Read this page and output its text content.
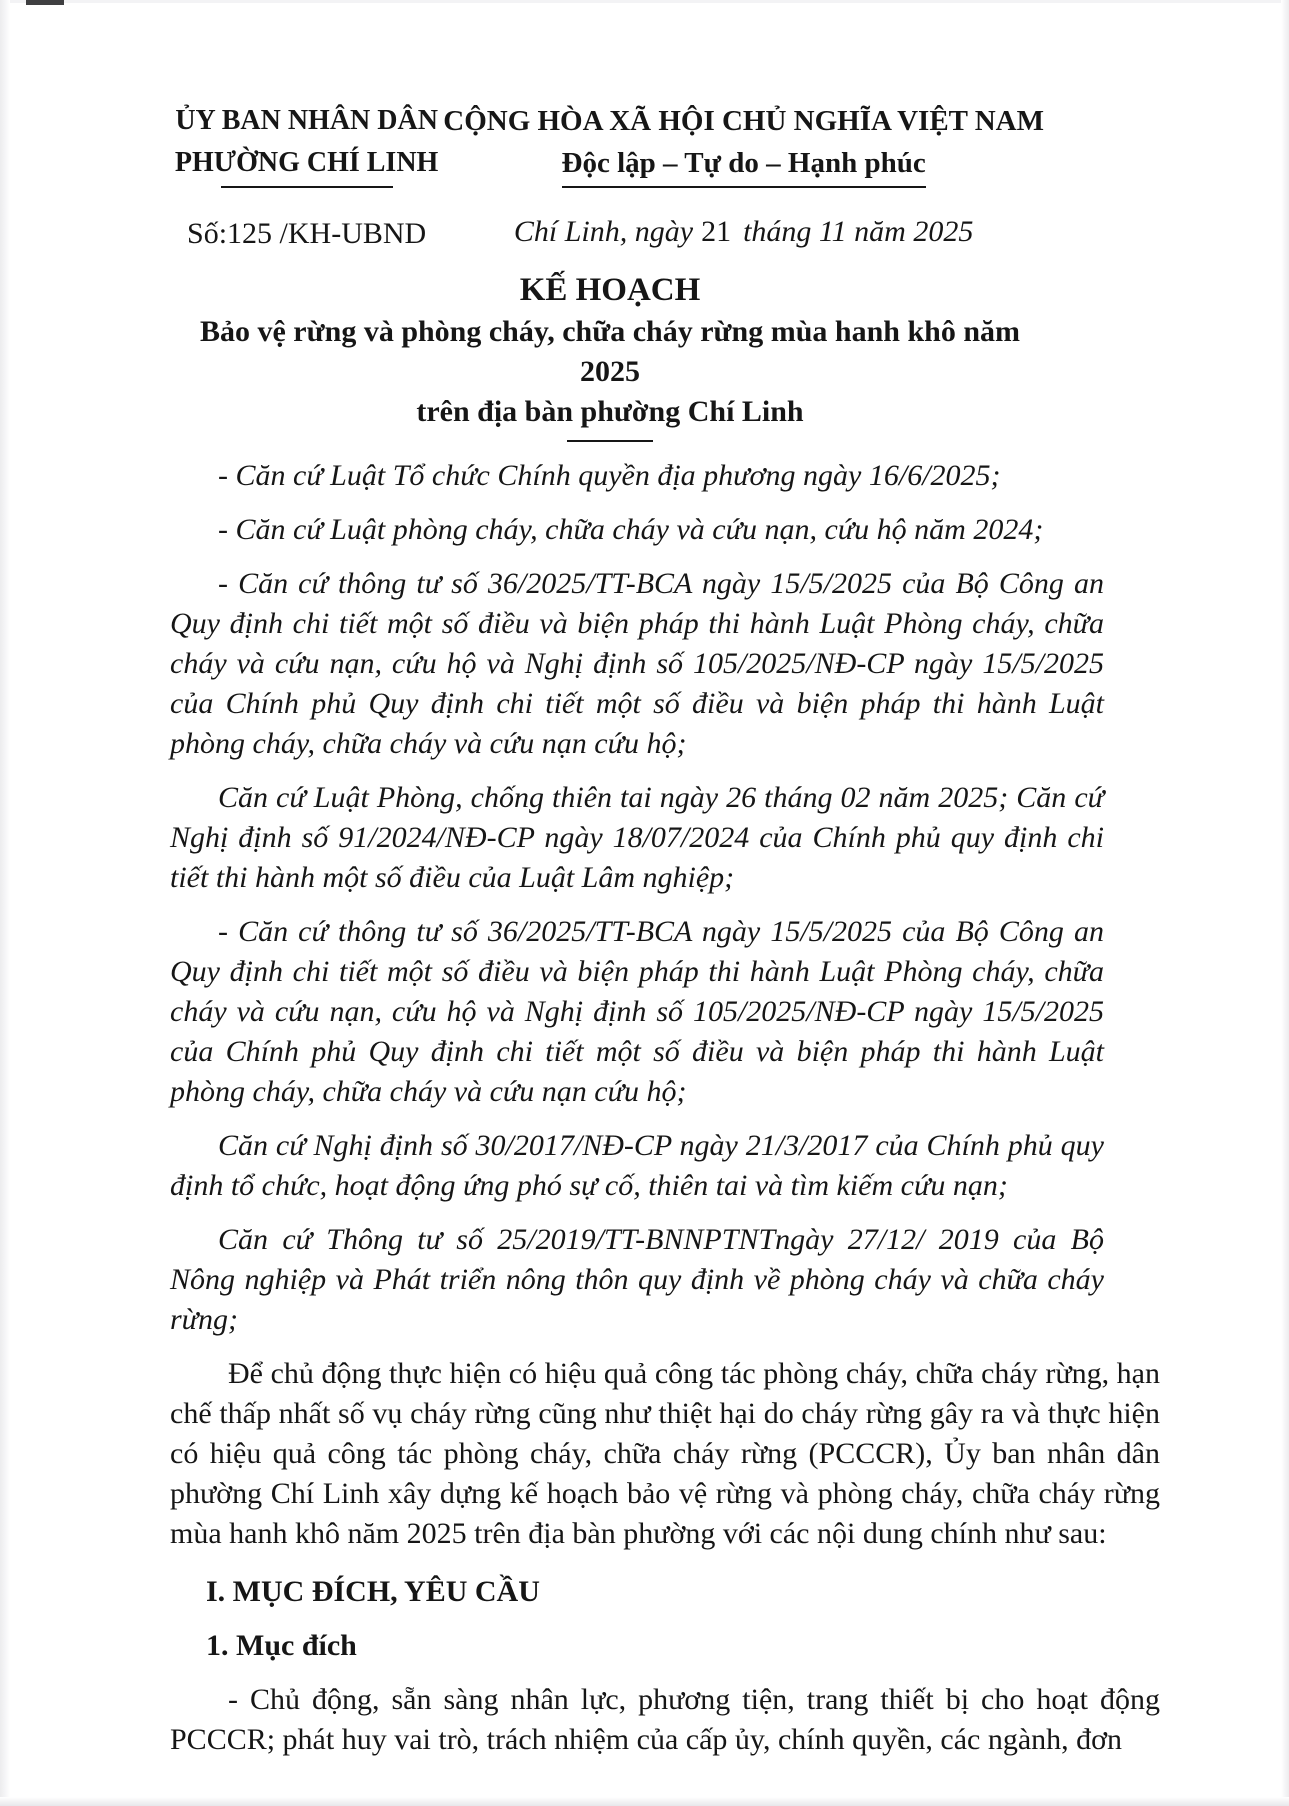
ỦY BAN NHÂN DÂN
PHƯỜNG CHÍ LINH
Số:125 /KH-UBND
CỘNG HÒA XÃ HỘI CHỦ NGHĨA VIỆT NAM
Độc lập – Tự do – Hạnh phúc
Chí Linh, ngày 21 tháng 11 năm 2025
KẾ HOẠCH
Bảo vệ rừng và phòng cháy, chữa cháy rừng mùa hanh khô năm 2025
trên địa bàn phường Chí Linh
- Căn cứ Luật Tổ chức Chính quyền địa phương ngày 16/6/2025;
- Căn cứ Luật phòng cháy, chữa cháy và cứu nạn, cứu hộ năm 2024;
- Căn cứ thông tư số 36/2025/TT-BCA ngày 15/5/2025 của Bộ Công an Quy định chi tiết một số điều và biện pháp thi hành Luật Phòng cháy, chữa cháy và cứu nạn, cứu hộ và Nghị định số 105/2025/NĐ-CP ngày 15/5/2025 của Chính phủ Quy định chi tiết một số điều và biện pháp thi hành Luật phòng cháy, chữa cháy và cứu nạn cứu hộ;
Căn cứ Luật Phòng, chống thiên tai ngày 26 tháng 02 năm 2025; Căn cứ Nghị định số 91/2024/NĐ-CP ngày 18/07/2024 của Chính phủ quy định chi tiết thi hành một số điều của Luật Lâm nghiệp;
- Căn cứ thông tư số 36/2025/TT-BCA ngày 15/5/2025 của Bộ Công an Quy định chi tiết một số điều và biện pháp thi hành Luật Phòng cháy, chữa cháy và cứu nạn, cứu hộ và Nghị định số 105/2025/NĐ-CP ngày 15/5/2025 của Chính phủ Quy định chi tiết một số điều và biện pháp thi hành Luật phòng cháy, chữa cháy và cứu nạn cứu hộ;
Căn cứ Nghị định số 30/2017/NĐ-CP ngày 21/3/2017 của Chính phủ quy định tổ chức, hoạt động ứng phó sự cố, thiên tai và tìm kiếm cứu nạn;
Căn cứ Thông tư số 25/2019/TT-BNNPTNTngày 27/12/ 2019 của Bộ Nông nghiệp và Phát triển nông thôn quy định về phòng cháy và chữa cháy rừng;
Để chủ động thực hiện có hiệu quả công tác phòng cháy, chữa cháy rừng, hạn chế thấp nhất số vụ cháy rừng cũng như thiệt hại do cháy rừng gây ra và thực hiện có hiệu quả công tác phòng cháy, chữa cháy rừng (PCCCR), Ủy ban nhân dân phường Chí Linh xây dựng kế hoạch bảo vệ rừng và phòng cháy, chữa cháy rừng mùa hanh khô năm 2025 trên địa bàn phường với các nội dung chính như sau:
I. MỤC ĐÍCH, YÊU CẦU
1. Mục đích
- Chủ động, sẵn sàng nhân lực, phương tiện, trang thiết bị cho hoạt động PCCCR; phát huy vai trò, trách nhiệm của cấp ủy, chính quyền, các ngành, đơn
